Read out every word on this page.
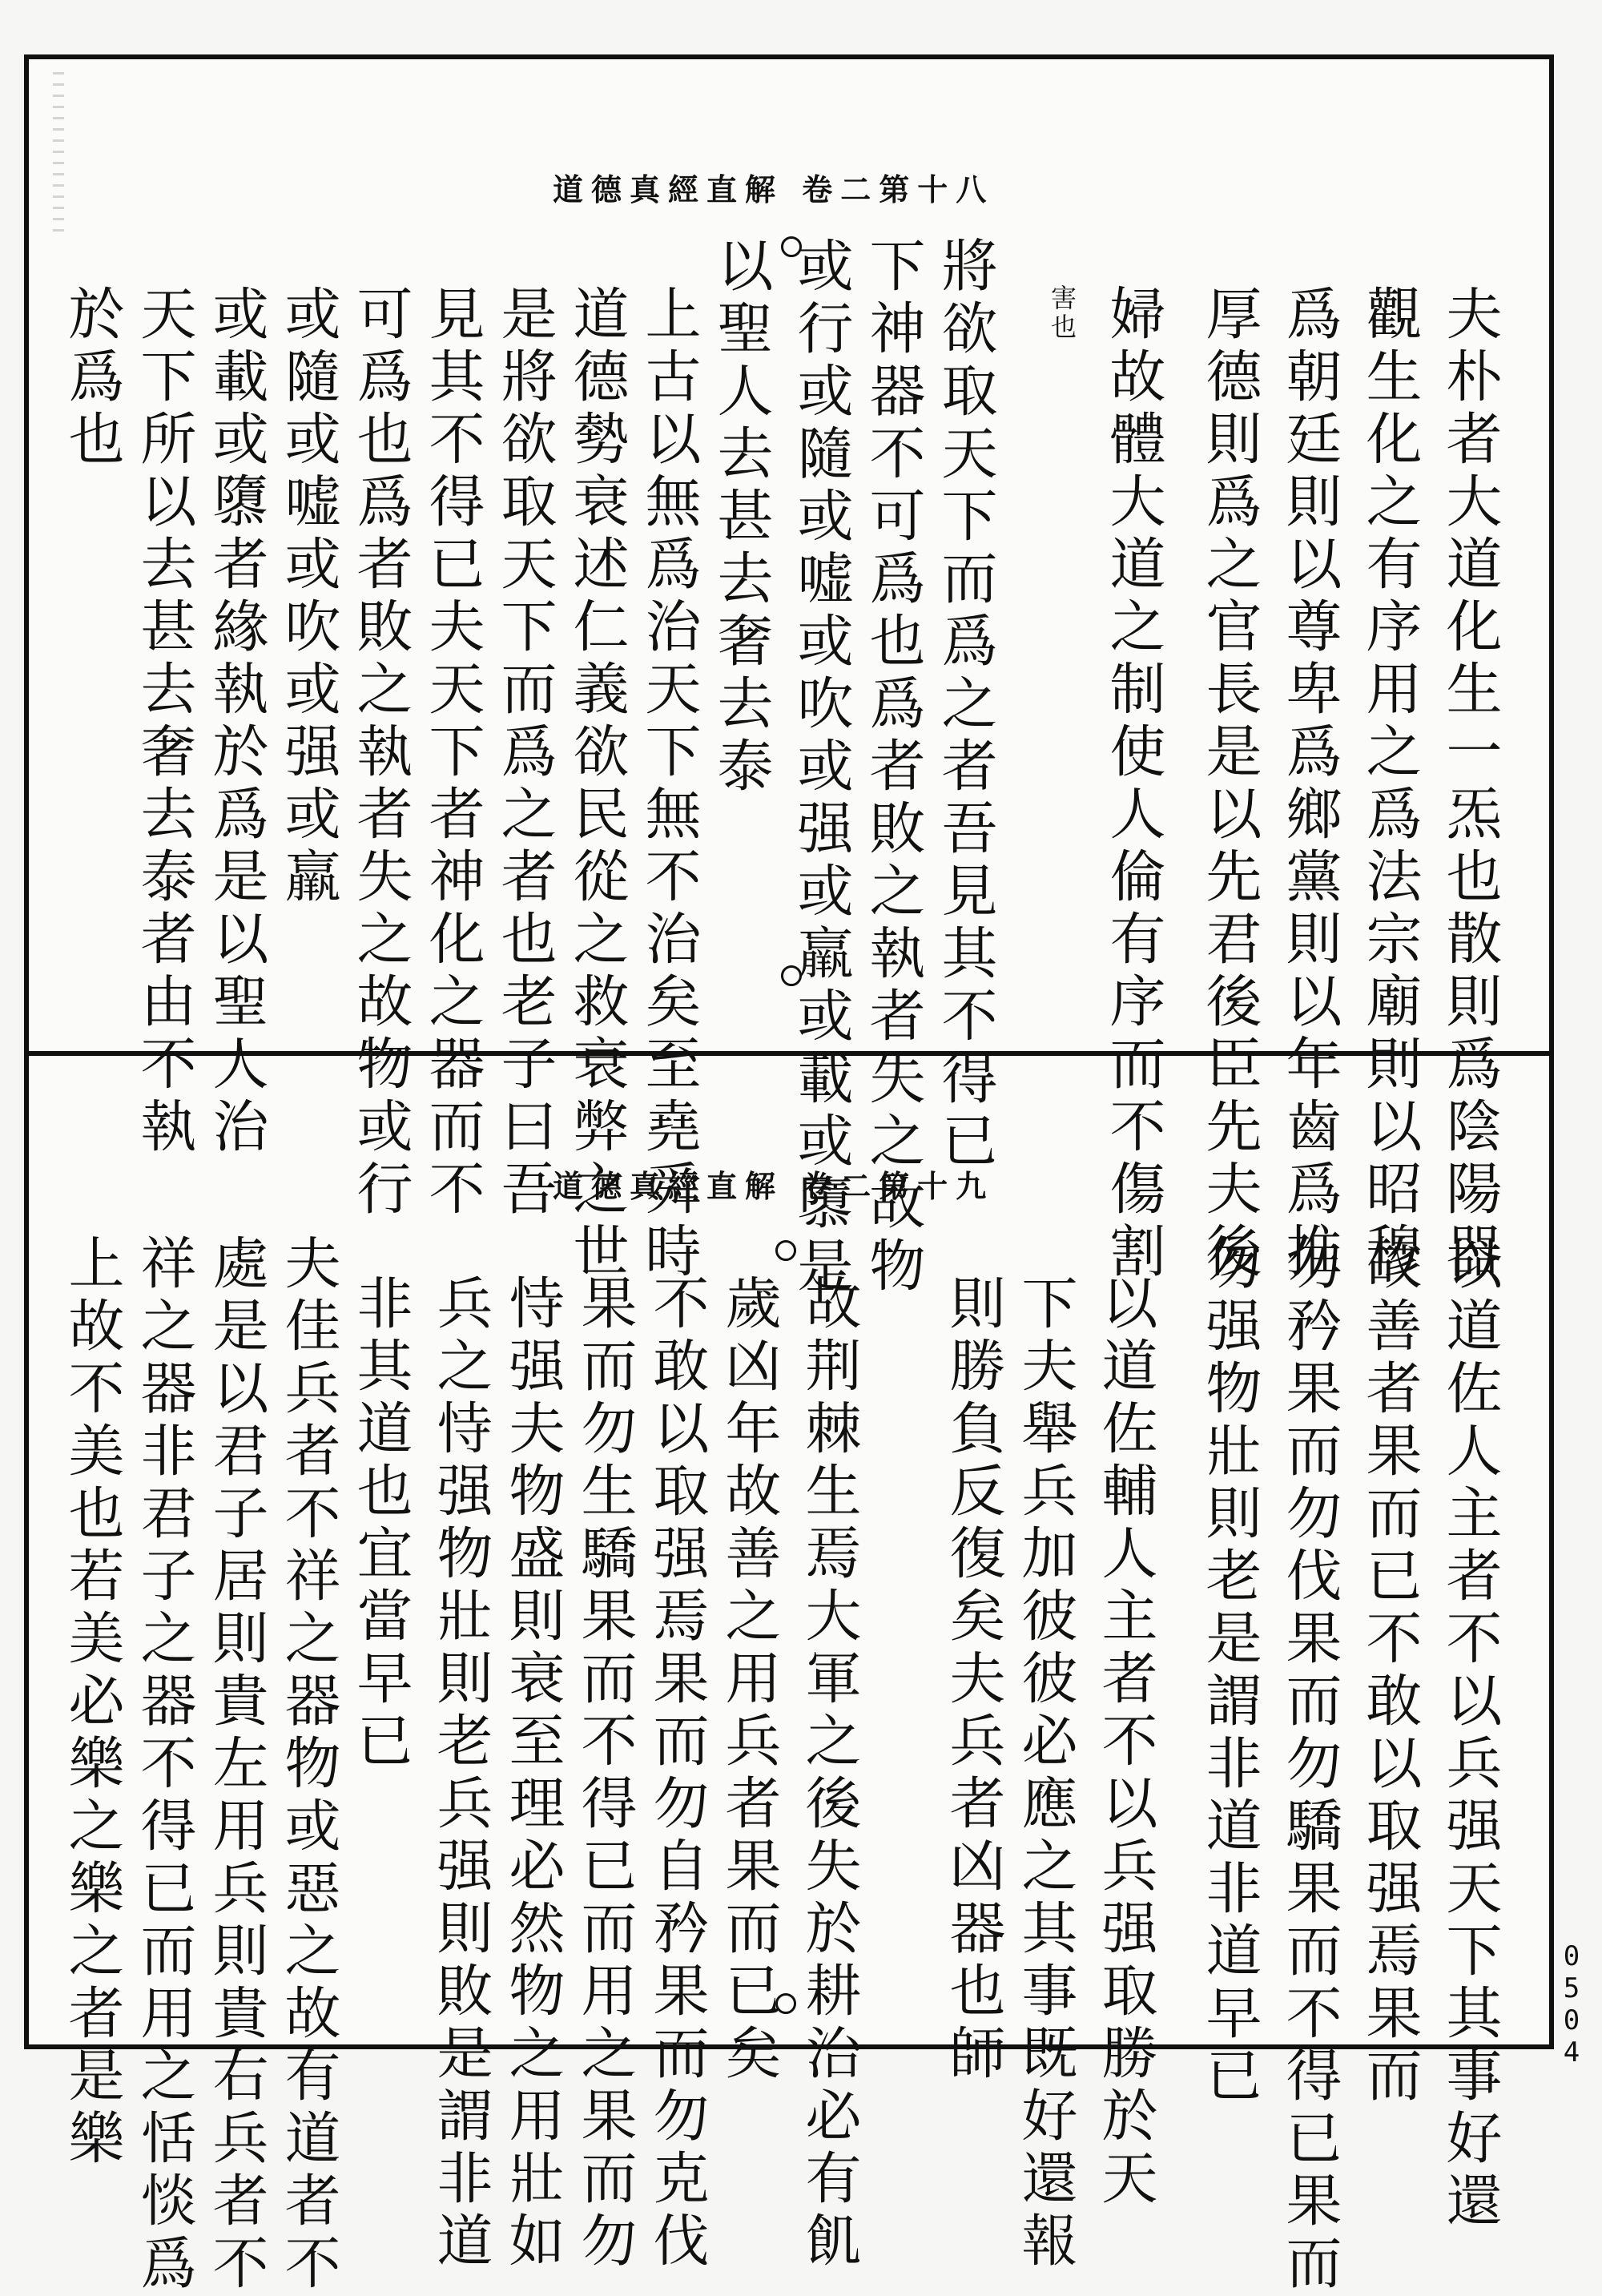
道德真經直解 卷二第十八
夫朴者大道化生一炁也散則爲陰陽器
觀生化之有序用之爲法宗廟則以昭穆
爲朝廷則以尊卑爲鄉黨則以年齒爲推
厚德則爲之官長是以先君後臣先夫後
婦故體大道之制使人倫有序而不傷割
害也
將欲取天下而爲之者吾見其不得已
下神器不可爲也爲者敗之執者失之故物
或行或隨或嘘或吹或强或羸或載或隳是
以聖人去甚去奢去泰
上古以無爲治天下無不治矣至堯舜時
道德勢衰述仁義欲民從之救衰弊之世
是將欲取天下而爲之者也老子曰吾
見其不得已夫天下者神化之器而不
可爲也爲者敗之執者失之故物或行
或隨或嘘或吹或强或羸
或載或隳者緣執於爲是以聖人治
天下所以去甚去奢去泰者由不執
於爲也
道德真經直解 卷二第十九
以道佐人主者不以兵强天下其事好還
故善者果而已不敢以取强焉果而
勿矜果而勿伐果而勿驕果而不得已果而
勿强物壯則老是謂非道非道早已
以道佐輔人主者不以兵强取勝於天
下夫舉兵加彼彼必應之其事既好還報
則勝負反復矣夫兵者凶器也師
故荆棘生焉大軍之後失於耕治必有飢
歲凶年故善之用兵者果而已矣
不敢以取强焉果而勿自矜果而勿克伐
果而勿生驕果而不得已而用之果而勿
恃强夫物盛則衰至理必然物之用壯如
兵之恃强物壯則老兵强則敗是謂非道
非其道也宜當早已
夫佳兵者不祥之器物或惡之故有道者不
處是以君子居則貴左用兵則貴右兵者不
祥之器非君子之器不得已而用之恬惔爲
上故不美也若美必樂之樂之者是樂	0504
